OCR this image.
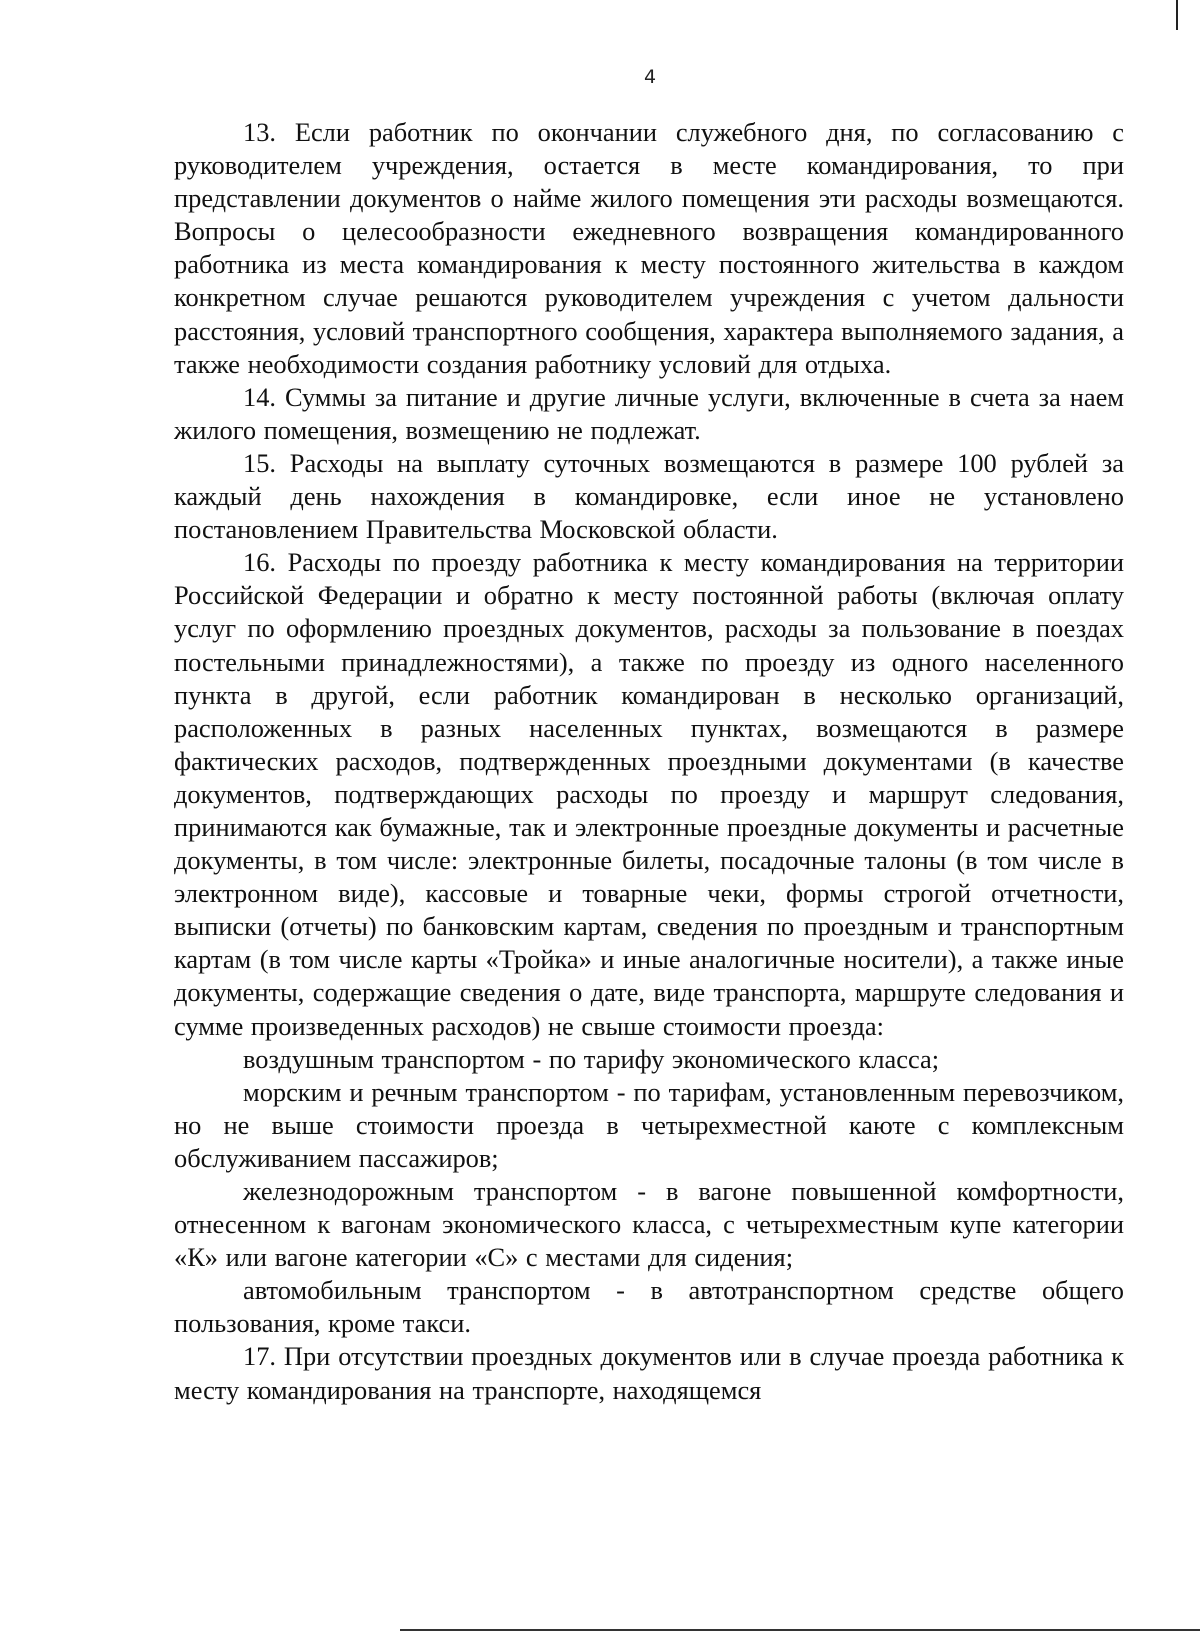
4

13. Если работник по окончании служебного дня, по согласованию с руководителем учреждения, остается в месте командирования, то при представлении документов о найме жилого помещения эти расходы возмещаются. Вопросы о целесообразности ежедневного возвращения командированного работника из места командирования к месту постоянного жительства в каждом конкретном случае решаются руководителем учреждения с учетом дальности расстояния, условий транспортного сообщения, характера выполняемого задания, а также необходимости создания работнику условий для отдыха.

14. Суммы за питание и другие личные услуги, включенные в счета за наем жилого помещения, возмещению не подлежат.

15. Расходы на выплату суточных возмещаются в размере 100 рублей за каждый день нахождения в командировке, если иное не установлено постановлением Правительства Московской области.

16. Расходы по проезду работника к месту командирования на территории Российской Федерации и обратно к месту постоянной работы (включая оплату услуг по оформлению проездных документов, расходы за пользование в поездах постельными принадлежностями), а также по проезду из одного населенного пункта в другой, если работник командирован в несколько организаций, расположенных в разных населенных пунктах, возмещаются в размере фактических расходов, подтвержденных проездными документами (в качестве документов, подтверждающих расходы по проезду и маршрут следования, принимаются как бумажные, так и электронные проездные документы и расчетные документы, в том числе: электронные билеты, посадочные талоны (в том числе в электронном виде), кассовые и товарные чеки, формы строгой отчетности, выписки (отчеты) по банковским картам, сведения по проездным и транспортным картам (в том числе карты «Тройка» и иные аналогичные носители), а также иные документы, содержащие сведения о дате, виде транспорта, маршруте следования и сумме произведенных расходов) не свыше стоимости проезда:

воздушным транспортом - по тарифу экономического класса;

морским и речным транспортом - по тарифам, установленным перевозчиком, но не выше стоимости проезда в четырехместной каюте с комплексным обслуживанием пассажиров;

железнодорожным транспортом - в вагоне повышенной комфортности, отнесенном к вагонам экономического класса, с четырехместным купе категории «К» или вагоне категории «С» с местами для сидения;

автомобильным транспортом - в автотранспортном средстве общего пользования, кроме такси.

17. При отсутствии проездных документов или в случае проезда работника к месту командирования на транспорте, находящемся
